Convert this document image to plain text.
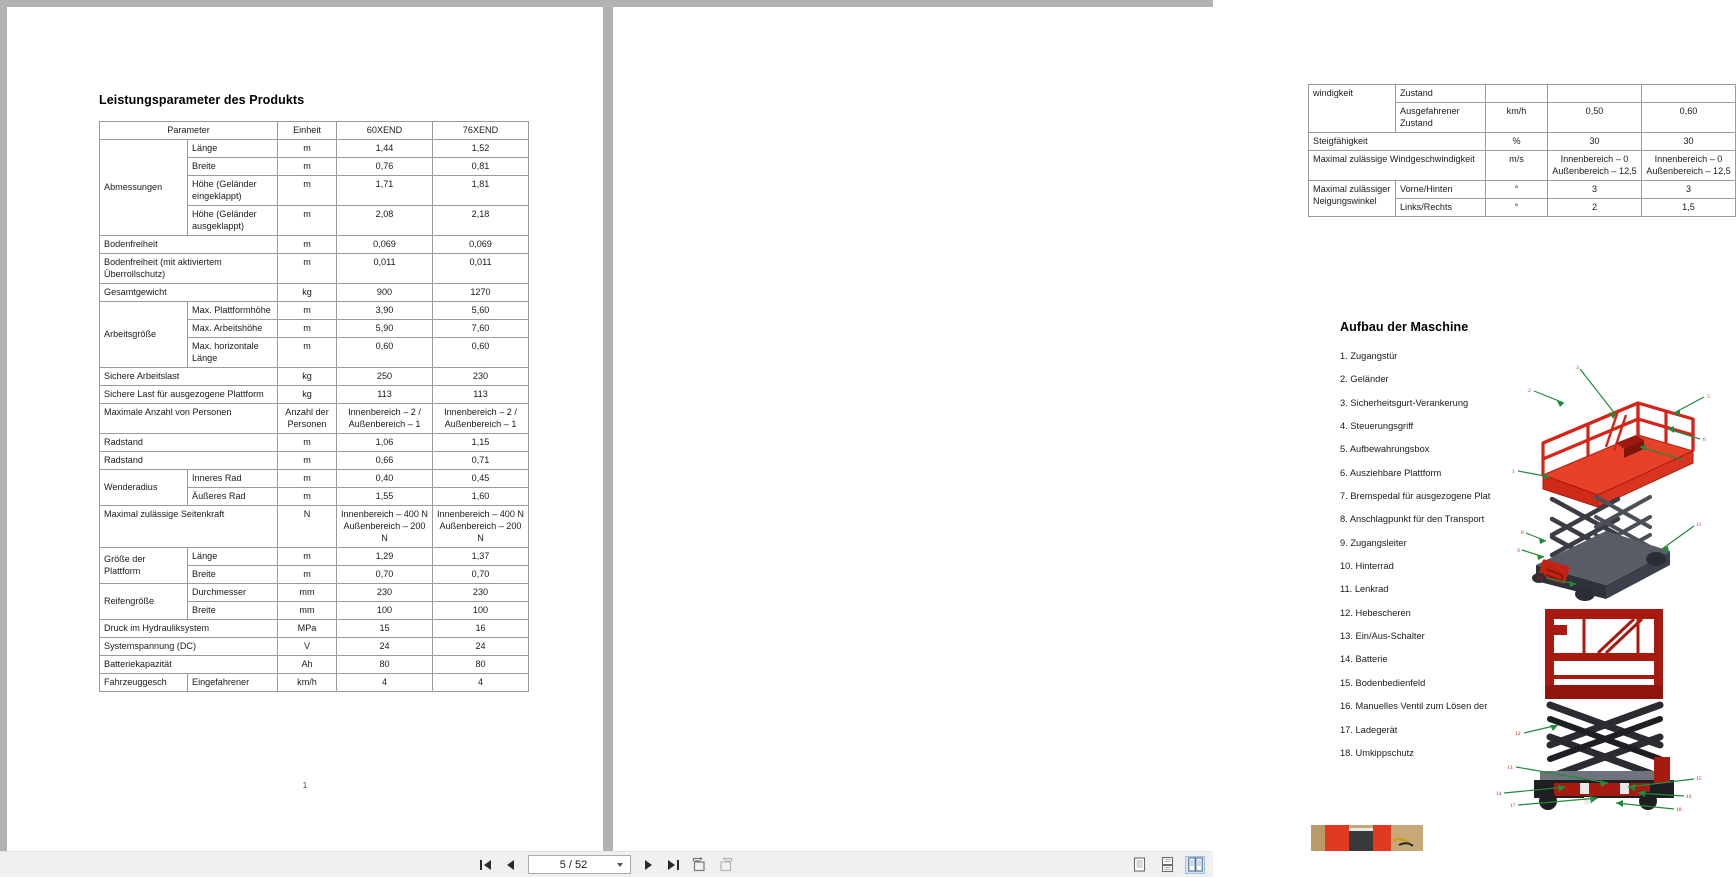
Leistungsparameter des Produkts
Parameter		Einheit	60XEND	76XEND
Abmessungen	Länge	m	1,44	1,52
	Breite	m	0,76	0,81
	Höhe (Geländer eingeklappt)	m	1,71	1,81
	Höhe (Geländer ausgeklappt)	m	2,08	2,18
Bodenfreiheit		m	0,069	0,069
Bodenfreiheit (mit aktiviertem Überrollschutz)		m	0,011	0,011
Gesamtgewicht		kg	900	1270
Arbeitsgröße	Max. Plattformhöhe	m	3,90	5,60
	Max. Arbeitshöhe	m	5,90	7,60
	Max. horizontale Länge	m	0,60	0,60
Sichere Arbeitslast		kg	250	230
Sichere Last für ausgezogene Plattform		kg	113	113
Maximale Anzahl von Personen		Anzahl der Personen	Innenbereich – 2 / Außenbereich – 1	Innenbereich – 2 / Außenbereich – 1
Radstand		m	1,06	1,15
Radstand		m	0,66	0,71
Wenderadius	Inneres Rad	m	0,40	0,45
	Äußeres Rad	m	1,55	1,60
Maximal zulässige Seitenkraft		N	Innenbereich – 400 N Außenbereich – 200 N	Innenbereich – 400 N Außenbereich – 200 N
Größe der Plattform	Länge	m	1,29	1,37
	Breite	m	0,70	0,70
Reifengröße	Durchmesser	mm	230	230
	Breite	mm	100	100
Druck im Hydrauliksystem		MPa	15	16
Systemspannung (DC)		V	24	24
Batteriekapazität		Ah	80	80
Fahrzeuggesch	Eingefahrener	km/h	4	4
1
windigkeit	Zustand			
	Ausgefahrener Zustand	km/h	0,50	0,60
Steigfähigkeit		%	30	30
Maximal zulässige Windgeschwindigkeit		m/s	Innenbereich – 0 Außenbereich – 12,5	Innenbereich – 0 Außenbereich – 12,5
Maximal zulässiger Neigungswinkel	Vorne/Hinten	°	3	3
	Links/Rechts	°	2	1,5
Aufbau der Maschine
1. Zugangstür
2. Geländer
3. Sicherheitsgurt-Verankerung
4. Steuerungsgriff
5. Aufbewahrungsbox
6. Ausziehbare Plattform
7. Bremspedal für ausgezogene Plat
8. Anschlagpunkt für den Transport
9. Zugangsleiter
10. Hinterrad
11. Lenkrad
12. Hebescheren
13. Ein/Aus-Schalter
14. Batterie
15. Bodenbedienfeld
16. Manuelles Ventil zum Lösen der
17. Ladegerät
18. Umkippschutz
1
2
3
5
6
7
8
9
10
11
12
13
14
15
16
17
18
5 / 52
